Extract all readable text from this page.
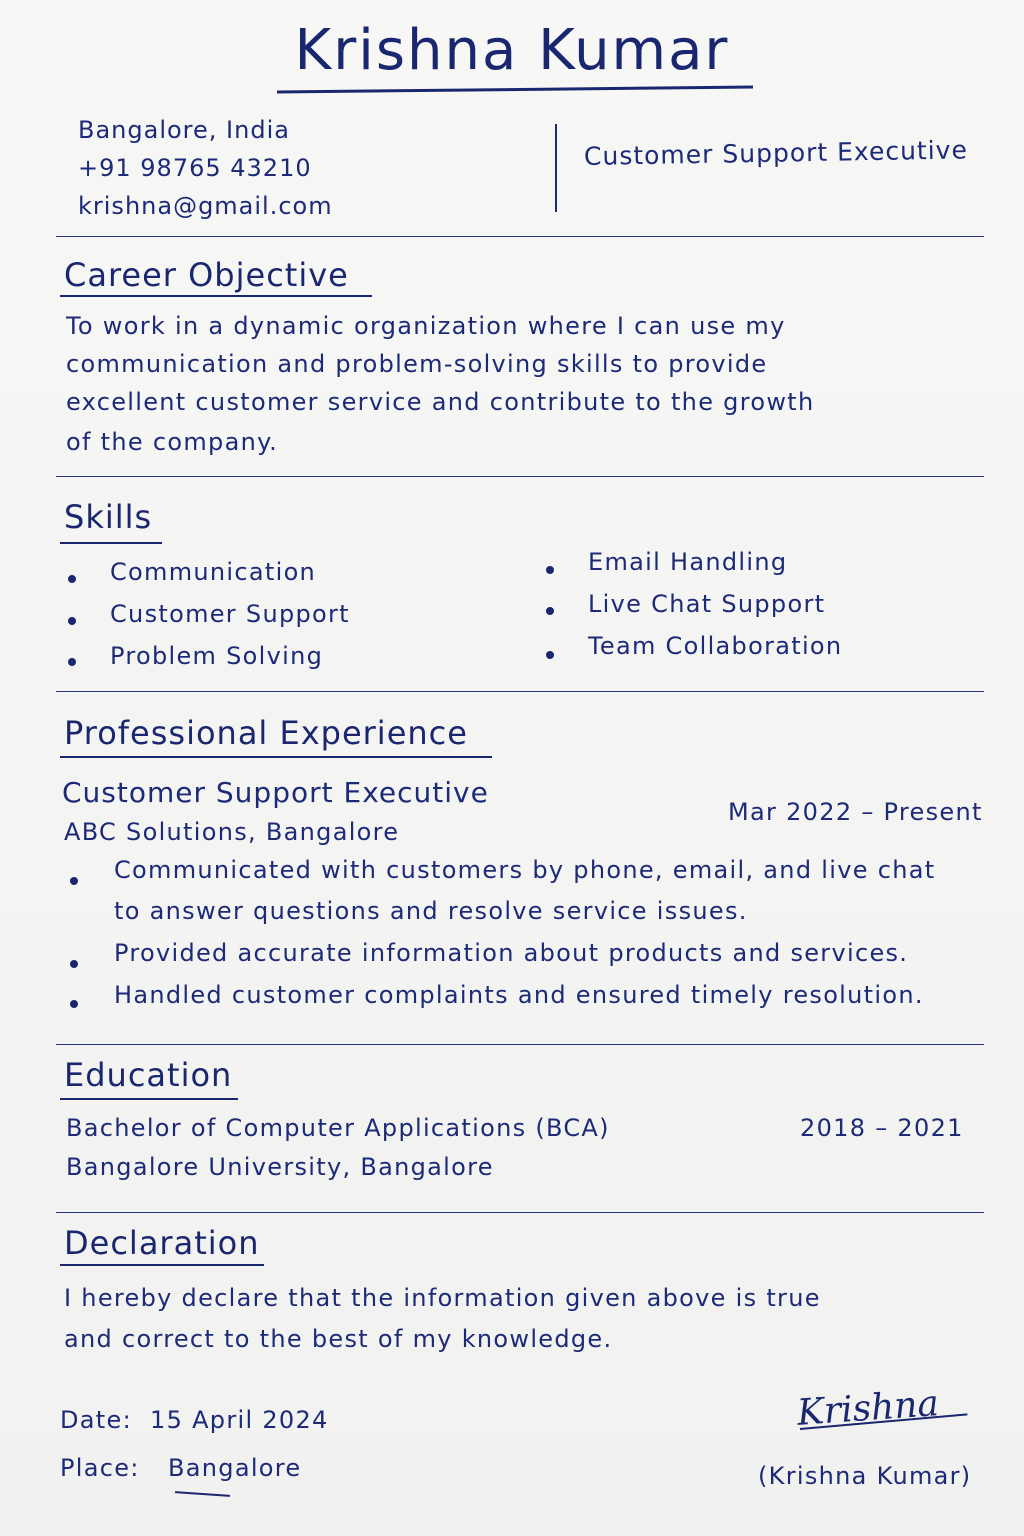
Krishna Kumar
Bangalore, India
+91 98765 43210
krishna@gmail.com
Customer Support Executive
Career Objective
To work in a dynamic organization where I can use my
communication and problem-solving skills to provide
excellent customer service and contribute to the growth
of the company.
Skills
Communication
Customer Support
Problem Solving
Email Handling
Live Chat Support
Team Collaboration
Professional Experience
Customer Support Executive
Mar 2022 – Present
ABC Solutions, Bangalore
Communicated with customers by phone, email, and live chat
to answer questions and resolve service issues.
Provided accurate information about products and services.
Handled customer complaints and ensured timely resolution.
Education
Bachelor of Computer Applications (BCA)	2018 – 2021
Bangalore University, Bangalore
Declaration
I hereby declare that the information given above is true
and correct to the best of my knowledge.
Date: 15 April 2024
Place: Bangalore
Krishna
(Krishna Kumar)
